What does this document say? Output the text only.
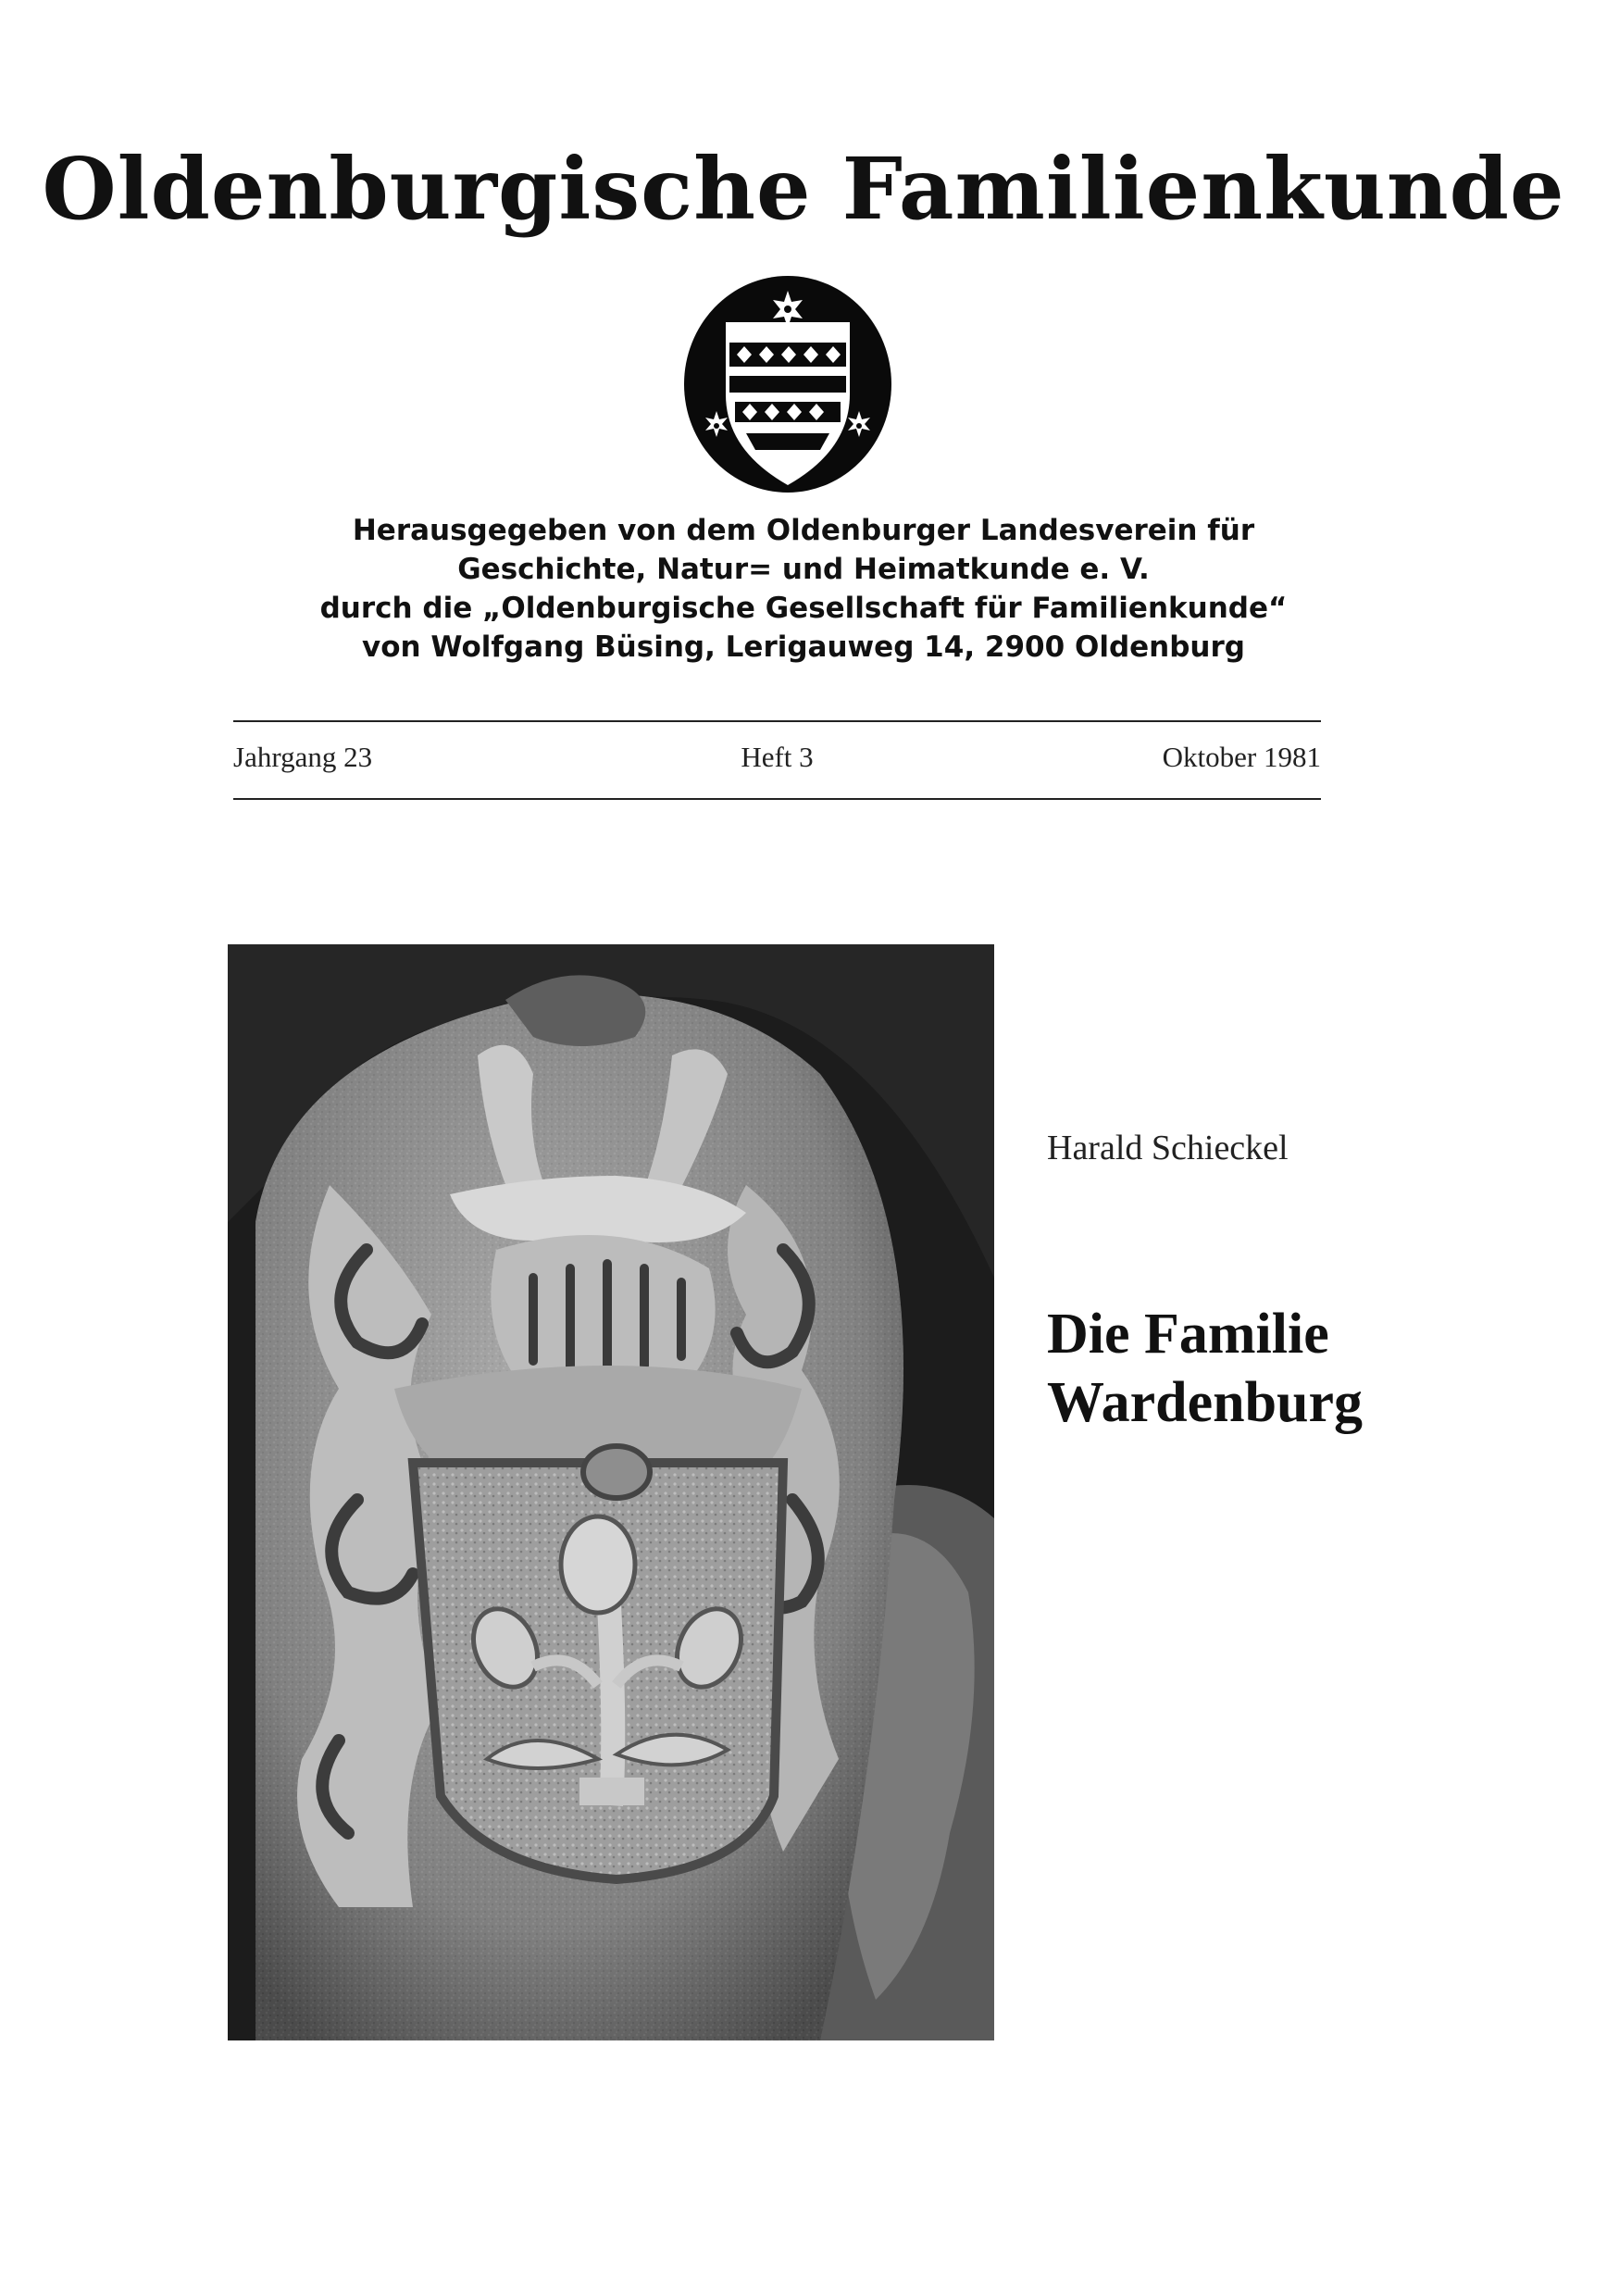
Oldenburgische Familienkunde
Herausgegeben von dem Oldenburger Landesverein für
Geschichte, Natur= und Heimatkunde e. V.
durch die „Oldenburgische Gesellschaft für Familienkunde“
von Wolfgang Büsing, Lerigauweg 14, 2900 Oldenburg
Jahrgang 23	Heft 3	Oktober 1981
Harald Schieckel
Die Familie
Wardenburg
